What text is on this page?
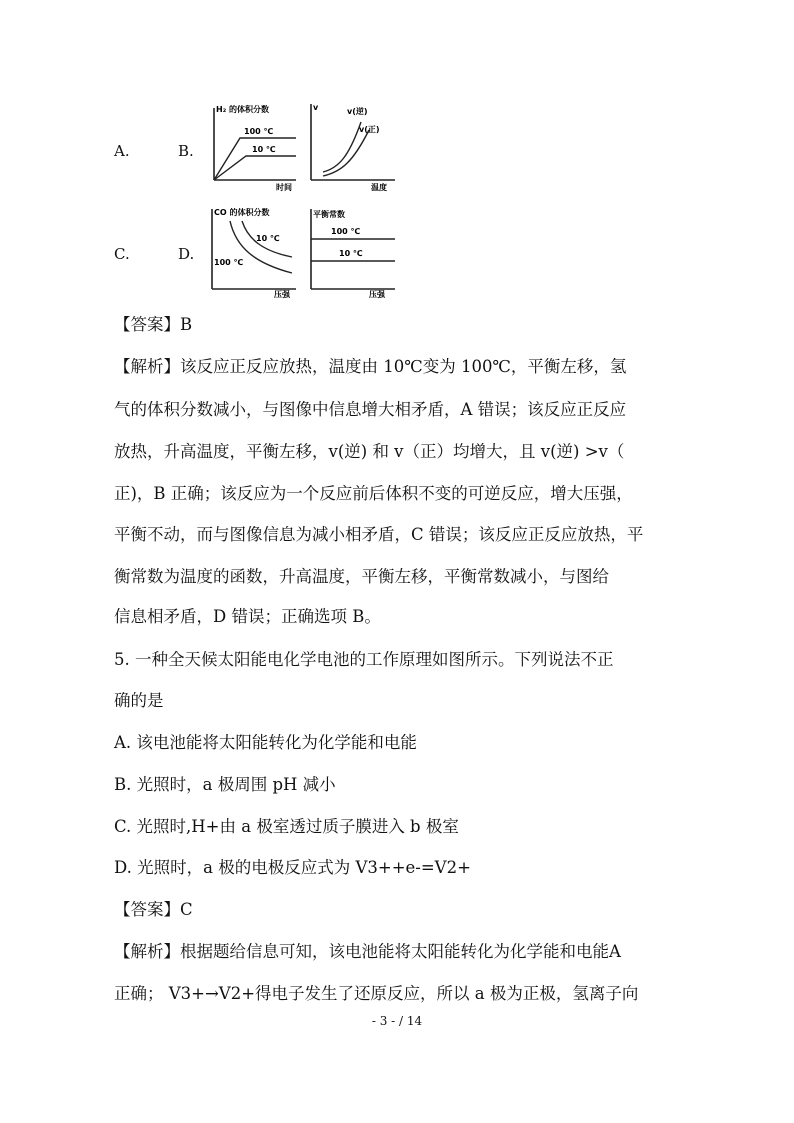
A.	B.
C.	D.
H₂ 的体积分数
100 ℃
10 ℃
时间
v	v(逆)
v(正)
温度
CO 的体积分数
10 ℃
100 ℃
压强
平衡常数
100 ℃
10 ℃
压强
【答案】B
【解析】该反应正反应放热，温度由 10℃变为 100℃，平衡左移，氢
气的体积分数减小，与图像中信息增大相矛盾，A 错误；该反应正反应
放热，升高温度，平衡左移，v(逆) 和 v（正）均增大，且 v(逆) >v（
正)，B 正确；该反应为一个反应前后体积不变的可逆反应，增大压强，
平衡不动，而与图像信息为减小相矛盾，C 错误；该反应正反应放热，平
衡常数为温度的函数，升高温度，平衡左移，平衡常数减小，与图给
信息相矛盾，D 错误；正确选项 B。
5. 一种全天候太阳能电化学电池的工作原理如图所示。下列说法不正
确的是
A. 该电池能将太阳能转化为化学能和电能
B. 光照时，a 极周围 pH 减小
C. 光照时,H+由 a 极室透过质子膜进入 b 极室
D. 光照时，a 极的电极反应式为 V3++e-=V2+
【答案】C
【解析】根据题给信息可知，该电池能将太阳能转化为化学能和电能A
正确； V3+→V2+得电子发生了还原反应，所以 a 极为正极，氢离子向
- 3 - / 14
